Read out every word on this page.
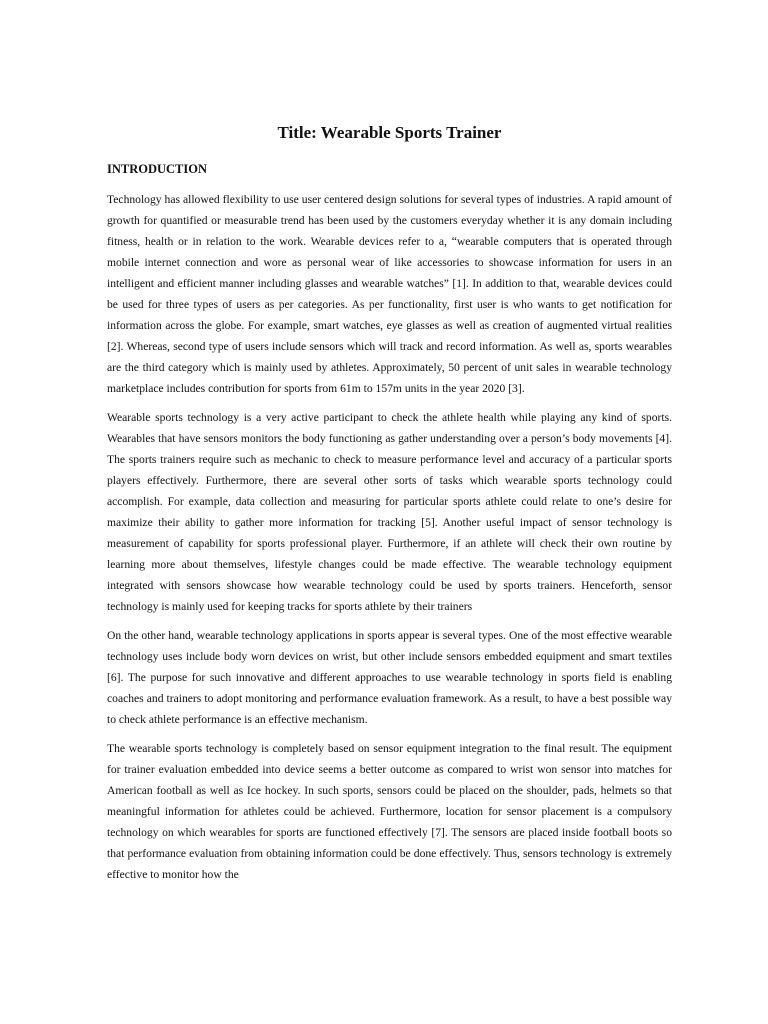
Title: Wearable Sports Trainer
INTRODUCTION

Technology has allowed flexibility to use user centered design solutions for several types of industries. A rapid amount of growth for quantified or measurable trend has been used by the customers everyday whether it is any domain including fitness, health or in relation to the work. Wearable devices refer to a, “wearable computers that is operated through mobile internet connection and wore as personal wear of like accessories to showcase information for users in an intelligent and efficient manner including glasses and wearable watches” [1]. In addition to that, wearable devices could be used for three types of users as per categories. As per functionality, first user is who wants to get notification for information across the globe. For example, smart watches, eye glasses as well as creation of augmented virtual realities [2]. Whereas, second type of users include sensors which will track and record information. As well as, sports wearables are the third category which is mainly used by athletes. Approximately, 50 percent of unit sales in wearable technology marketplace includes contribution for sports from 61m to 157m units in the year 2020 [3].

Wearable sports technology is a very active participant to check the athlete health while playing any kind of sports. Wearables that have sensors monitors the body functioning as gather understanding over a person’s body movements [4]. The sports trainers require such as mechanic to check to measure performance level and accuracy of a particular sports players effectively. Furthermore, there are several other sorts of tasks which wearable sports technology could accomplish. For example, data collection and measuring for particular sports athlete could relate to one’s desire for maximize their ability to gather more information for tracking [5]. Another useful impact of sensor technology is measurement of capability for sports professional player. Furthermore, if an athlete will check their own routine by learning more about themselves, lifestyle changes could be made effective. The wearable technology equipment integrated with sensors showcase how wearable technology could be used by sports trainers. Henceforth, sensor technology is mainly used for keeping tracks for sports athlete by their trainers

On the other hand, wearable technology applications in sports appear is several types. One of the most effective wearable technology uses include body worn devices on wrist, but other include sensors embedded equipment and smart textiles [6]. The purpose for such innovative and different approaches to use wearable technology in sports field is enabling coaches and trainers to adopt monitoring and performance evaluation framework. As a result, to have a best possible way to check athlete performance is an effective mechanism.

The wearable sports technology is completely based on sensor equipment integration to the final result. The equipment for trainer evaluation embedded into device seems a better outcome as compared to wrist won sensor into matches for American football as well as Ice hockey. In such sports, sensors could be placed on the shoulder, pads, helmets so that meaningful information for athletes could be achieved. Furthermore, location for sensor placement is a compulsory technology on which wearables for sports are functioned effectively [7]. The sensors are placed inside football boots so that performance evaluation from obtaining information could be done effectively. Thus, sensors technology is extremely effective to monitor how the
